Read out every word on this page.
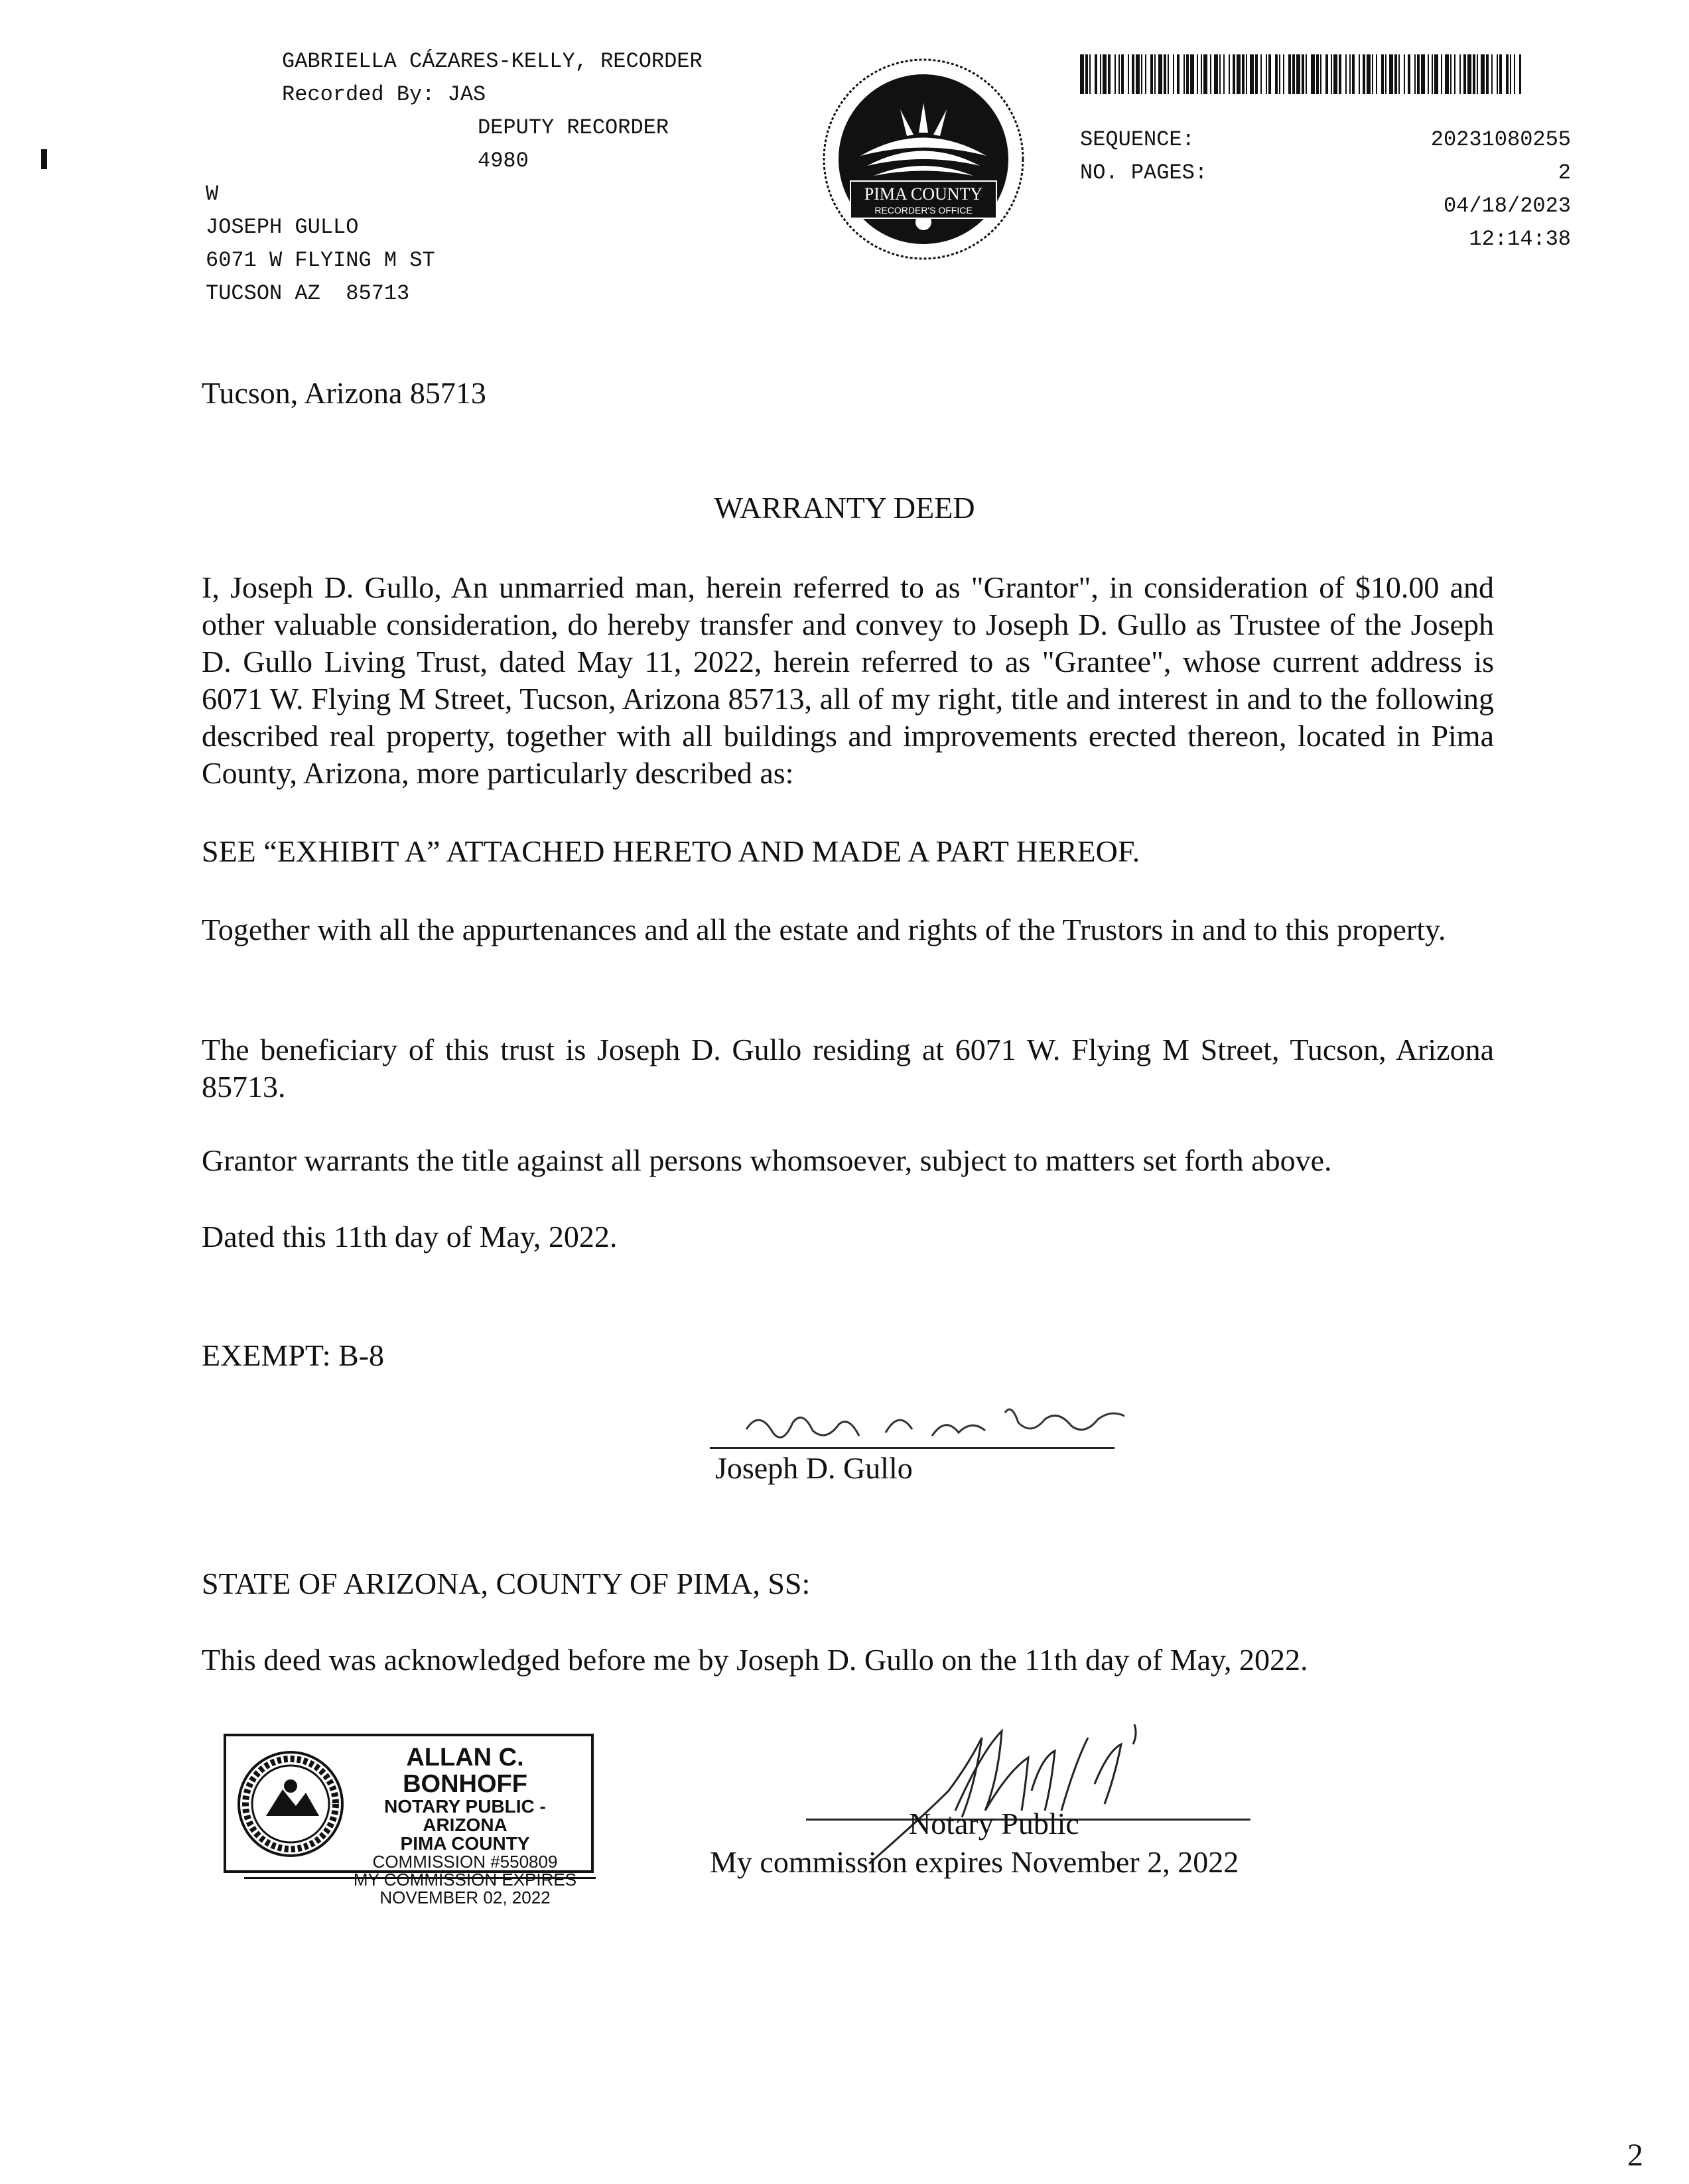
GABRIELLA CÁZARES-KELLY, RECORDER
Recorded By: JAS
DEPUTY RECORDER
4980
W
JOSEPH GULLO
6071 W FLYING M ST
TUCSON AZ  85713
PIMA COUNTY
RECORDER'S OFFICE
SEQUENCE:	20231080255
NO. PAGES:	2
04/18/2023
12:14:38
Tucson, Arizona 85713
WARRANTY DEED
I, Joseph D. Gullo, An unmarried man, herein referred to as "Grantor", in consideration of $10.00 and other valuable consideration, do hereby transfer and convey to Joseph D. Gullo as Trustee of the Joseph D. Gullo Living Trust, dated May 11, 2022, herein referred to as "Grantee", whose current address is 6071 W. Flying M Street, Tucson, Arizona 85713, all of my right, title and interest in and to the following described real property, together with all buildings and improvements erected thereon, located in Pima County, Arizona, more particularly described as:
SEE “EXHIBIT A” ATTACHED HERETO AND MADE A PART HEREOF.
Together with all the appurtenances and all the estate and rights of the Trustors in and to this property.
The beneficiary of this trust is Joseph D. Gullo residing at 6071 W. Flying M Street, Tucson, Arizona 85713.
Grantor warrants the title against all persons whomsoever, subject to matters set forth above.
Dated this 11th day of May, 2022.
EXEMPT: B-8
Joseph D. Gullo
STATE OF ARIZONA, COUNTY OF PIMA, SS:
This deed was acknowledged before me by Joseph D. Gullo on the 11th day of May, 2022.
ALLAN C. BONHOFF
NOTARY PUBLIC - ARIZONA
PIMA COUNTY
COMMISSION #550809
MY COMMISSION EXPIRES
NOVEMBER 02, 2022
Notary Public
My commission expires November 2, 2022
2
